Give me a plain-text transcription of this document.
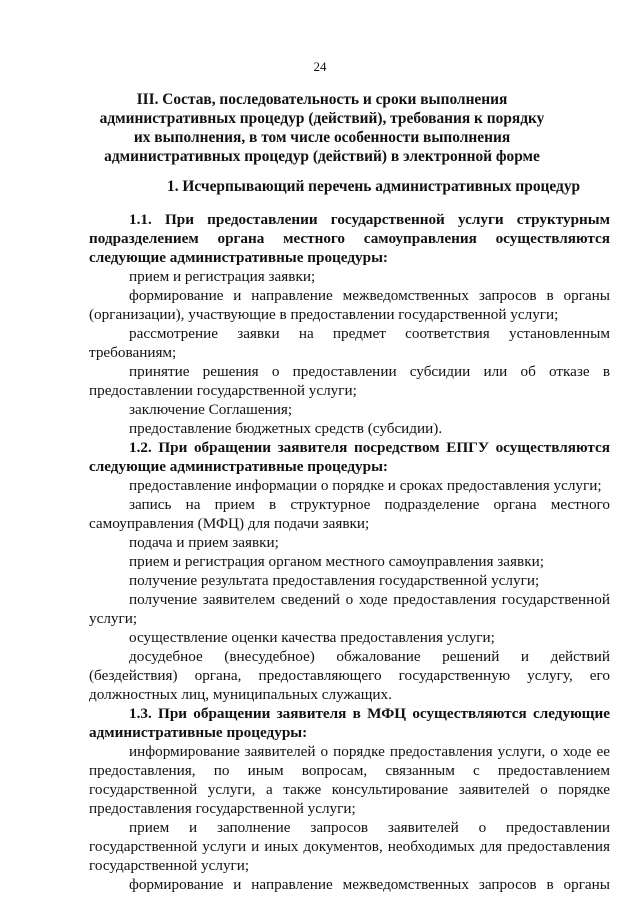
24
III. Состав, последовательность и сроки выполнения административных процедур (действий), требования к порядку их выполнения, в том числе особенности выполнения административных процедур (действий) в электронной форме
1. Исчерпывающий перечень административных процедур

1.1. При предоставлении государственной услуги структурным подразделением органа местного самоуправления осуществляются следующие административные процедуры:

прием и регистрация заявки;

формирование и направление межведомственных запросов в органы (организации), участвующие в предоставлении государственной услуги;

рассмотрение заявки на предмет соответствия установленным требованиям;

принятие решения о предоставлении субсидии или об отказе в предоставлении государственной услуги;

заключение Соглашения;

предоставление бюджетных средств (субсидии).

1.2. При обращении заявителя посредством ЕПГУ осуществляются следующие административные процедуры:

предоставление информации о порядке и сроках предоставления услуги;

запись на прием в структурное подразделение органа местного самоуправления (МФЦ) для подачи заявки;

подача и прием заявки;

прием и регистрация органом местного самоуправления заявки;

получение результата предоставления государственной услуги;

получение заявителем сведений о ходе предоставления государственной услуги;

осуществление оценки качества предоставления услуги;

досудебное (внесудебное) обжалование решений и действий (бездействия) органа, предоставляющего государственную услугу, его должностных лиц, муниципальных служащих.

1.3. При обращении заявителя в МФЦ осуществляются следующие административные процедуры:

информирование заявителей о порядке предоставления услуги, о ходе ее предоставления, по иным вопросам, связанным с предоставлением государственной услуги, а также консультирование заявителей о порядке предоставления государственной услуги;

прием и заполнение запросов заявителей о предоставлении государственной услуги и иных документов, необходимых для предоставления государственной услуги;

формирование и направление межведомственных запросов в органы
